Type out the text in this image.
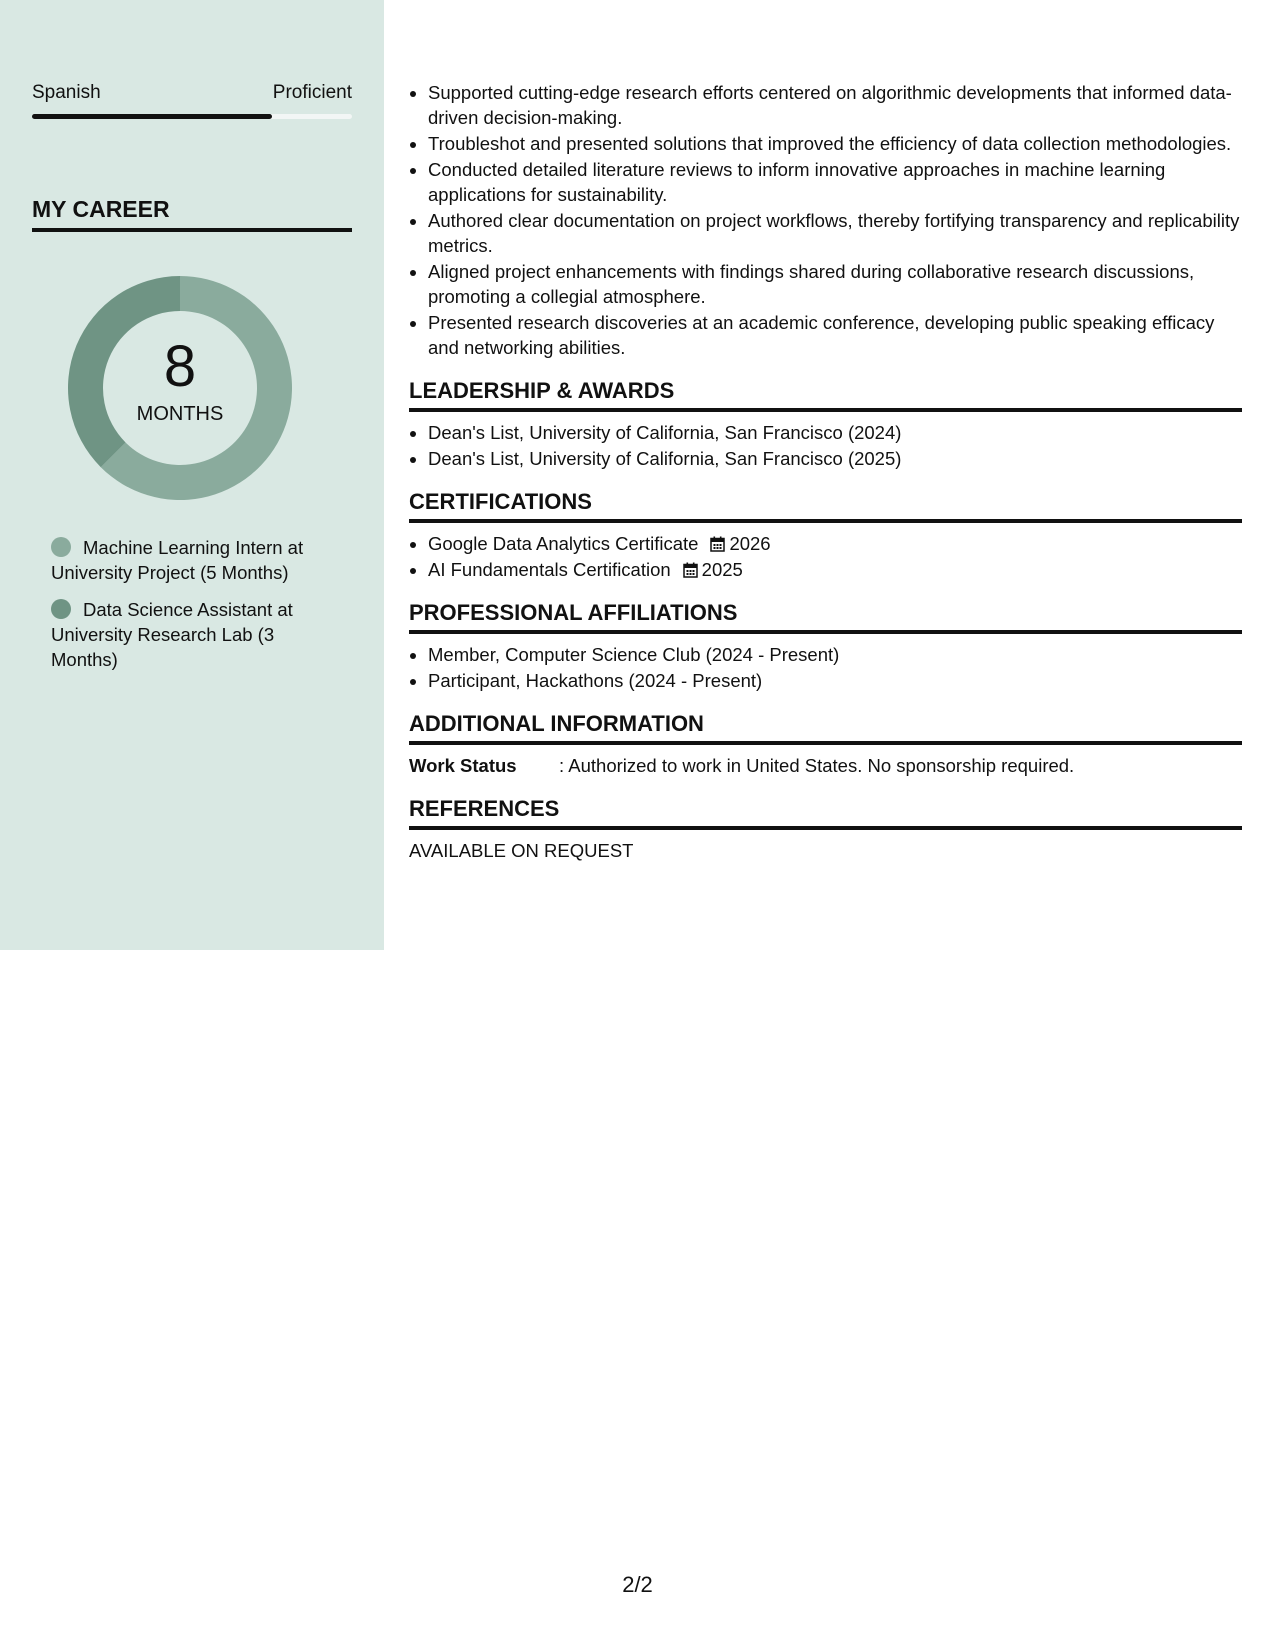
Spanish	Proficient
MY CAREER
8
MONTHS
Machine Learning Intern at University Project (5 Months)
Data Science Assistant at University Research Lab (3 Months)
• Supported cutting-edge research efforts centered on algorithmic developments that informed data-driven decision-making.
• Troubleshot and presented solutions that improved the efficiency of data collection methodologies.
• Conducted detailed literature reviews to inform innovative approaches in machine learning applications for sustainability.
• Authored clear documentation on project workflows, thereby fortifying transparency and replicability metrics.
• Aligned project enhancements with findings shared during collaborative research discussions, promoting a collegial atmosphere.
• Presented research discoveries at an academic conference, developing public speaking efficacy and networking abilities.
LEADERSHIP & AWARDS
• Dean's List, University of California, San Francisco (2024)
• Dean's List, University of California, San Francisco (2025)
CERTIFICATIONS
• Google Data Analytics Certificate 2026
• AI Fundamentals Certification 2025
PROFESSIONAL AFFILIATIONS
• Member, Computer Science Club (2024 - Present)
• Participant, Hackathons (2024 - Present)
ADDITIONAL INFORMATION
Work Status	: Authorized to work in United States. No sponsorship required.
REFERENCES
AVAILABLE ON REQUEST
2/2
